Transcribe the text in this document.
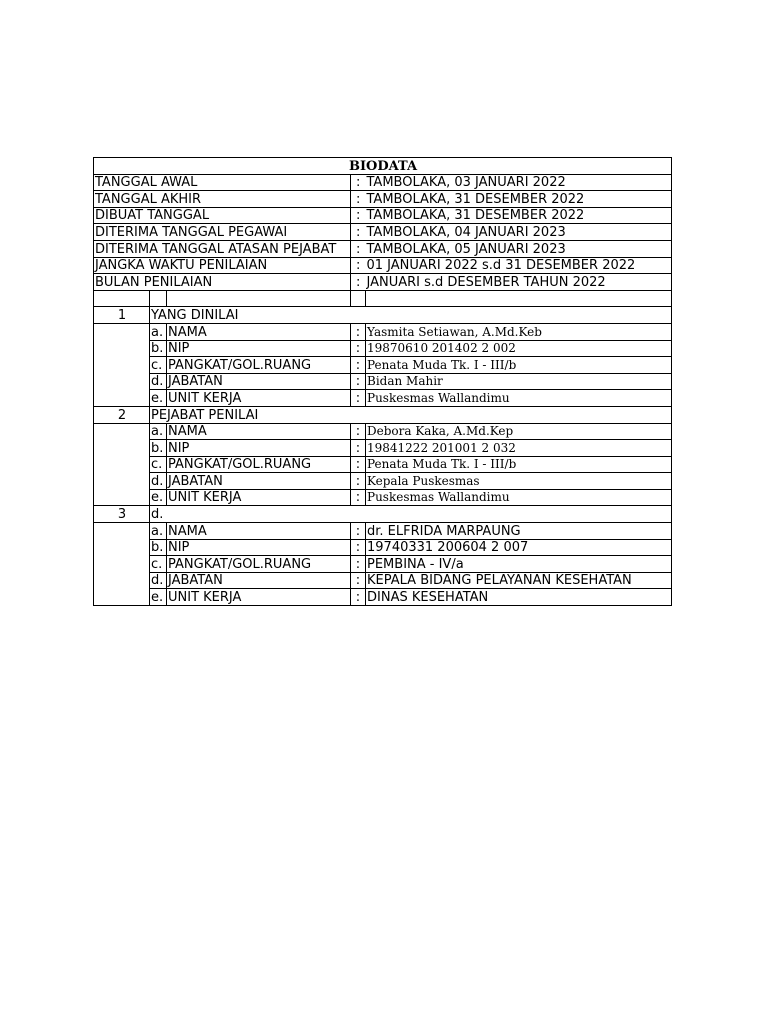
BIODATA				
TANGGAL AWAL			:	TAMBOLAKA, 03 JANUARI 2022
TANGGAL AKHIR			:	TAMBOLAKA, 31 DESEMBER 2022
DIBUAT TANGGAL			:	TAMBOLAKA, 31 DESEMBER 2022
DITERIMA TANGGAL PEGAWAI			:	TAMBOLAKA, 04 JANUARI 2023
DITERIMA TANGGAL ATASAN PEJABAT			:	TAMBOLAKA, 05 JANUARI 2023
JANGKA WAKTU PENILAIAN			:	01 JANUARI 2022 s.d 31 DESEMBER 2022
BULAN PENILAIAN			:	JANUARI s.d DESEMBER TAHUN 2022

1	YANG DINILAI			
	a.	NAMA	:	Yasmita Setiawan, A.Md.Keb
	b.	NIP	:	19870610 201402 2 002
	c.	PANGKAT/GOL.RUANG	:	Penata Muda Tk. I - III/b
	d.	JABATAN	:	Bidan Mahir
	e.	UNIT KERJA	:	Puskesmas Wallandimu
2	PEJABAT PENILAI			
	a.	NAMA	:	Debora Kaka, A.Md.Kep
	b.	NIP	:	19841222 201001 2 032
	c.	PANGKAT/GOL.RUANG	:	Penata Muda Tk. I - III/b
	d.	JABATAN	:	Kepala Puskesmas
	e.	UNIT KERJA	:	Puskesmas Wallandimu
3	d.			
	a.	NAMA	:	dr. ELFRIDA MARPAUNG
	b.	NIP	:	19740331 200604 2 007
	c.	PANGKAT/GOL.RUANG	:	PEMBINA - IV/a
	d.	JABATAN	:	KEPALA BIDANG PELAYANAN KESEHATAN
	e.	UNIT KERJA	:	DINAS KESEHATAN
